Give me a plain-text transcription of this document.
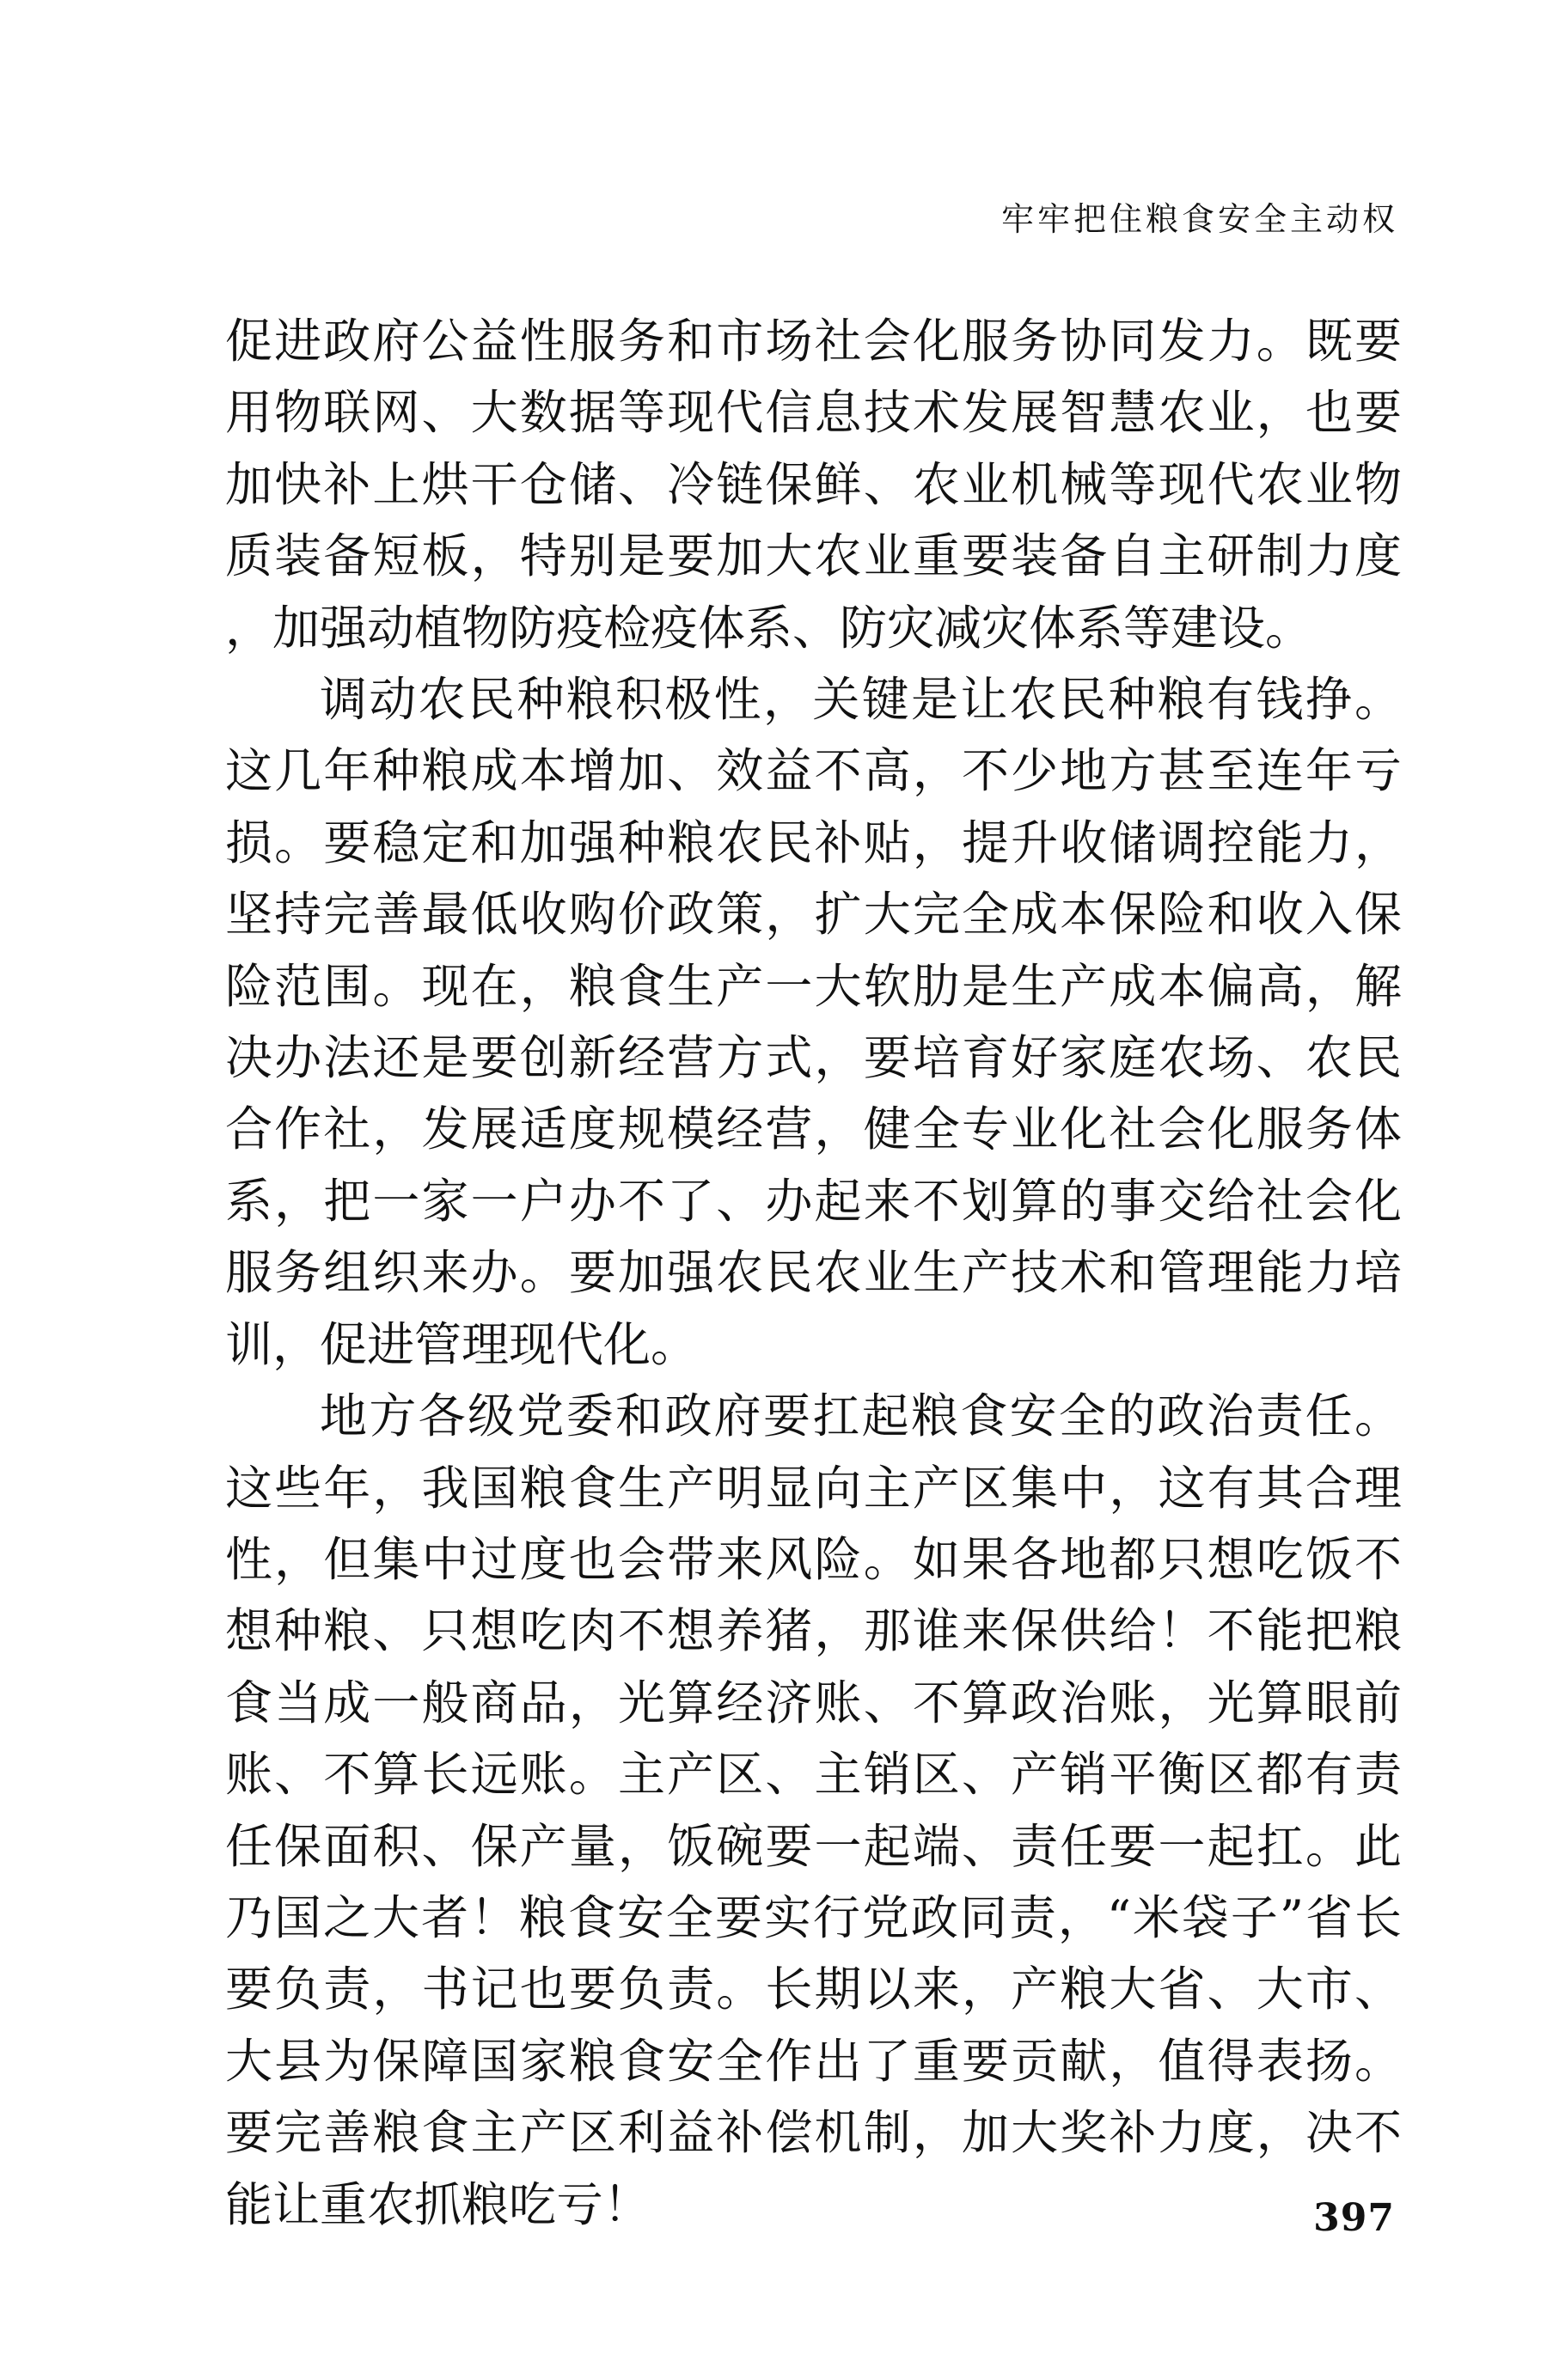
牢牢把住粮食安全主动权

促进政府公益性服务和市场社会化服务协同发力。既要用物联网、大数据等现代信息技术发展智慧农业，也要加快补上烘干仓储、冷链保鲜、农业机械等现代农业物质装备短板，特别是要加大农业重要装备自主研制力度，加强动植物防疫检疫体系、防灾减灾体系等建设。

调动农民种粮积极性，关键是让农民种粮有钱挣。这几年种粮成本增加、效益不高，不少地方甚至连年亏损。要稳定和加强种粮农民补贴，提升收储调控能力，坚持完善最低收购价政策，扩大完全成本保险和收入保险范围。现在，粮食生产一大软肋是生产成本偏高，解决办法还是要创新经营方式，要培育好家庭农场、农民合作社，发展适度规模经营，健全专业化社会化服务体系，把一家一户办不了、办起来不划算的事交给社会化服务组织来办。要加强农民农业生产技术和管理能力培训，促进管理现代化。

地方各级党委和政府要扛起粮食安全的政治责任。这些年，我国粮食生产明显向主产区集中，这有其合理性，但集中过度也会带来风险。如果各地都只想吃饭不想种粮、只想吃肉不想养猪，那谁来保供给！不能把粮食当成一般商品，光算经济账、不算政治账，光算眼前账、不算长远账。主产区、主销区、产销平衡区都有责任保面积、保产量，饭碗要一起端、责任要一起扛。此乃国之大者！粮食安全要实行党政同责，“米袋子”省长要负责，书记也要负责。长期以来，产粮大省、大市、大县为保障国家粮食安全作出了重要贡献，值得表扬。要完善粮食主产区利益补偿机制，加大奖补力度，决不能让重农抓粮吃亏！	397
